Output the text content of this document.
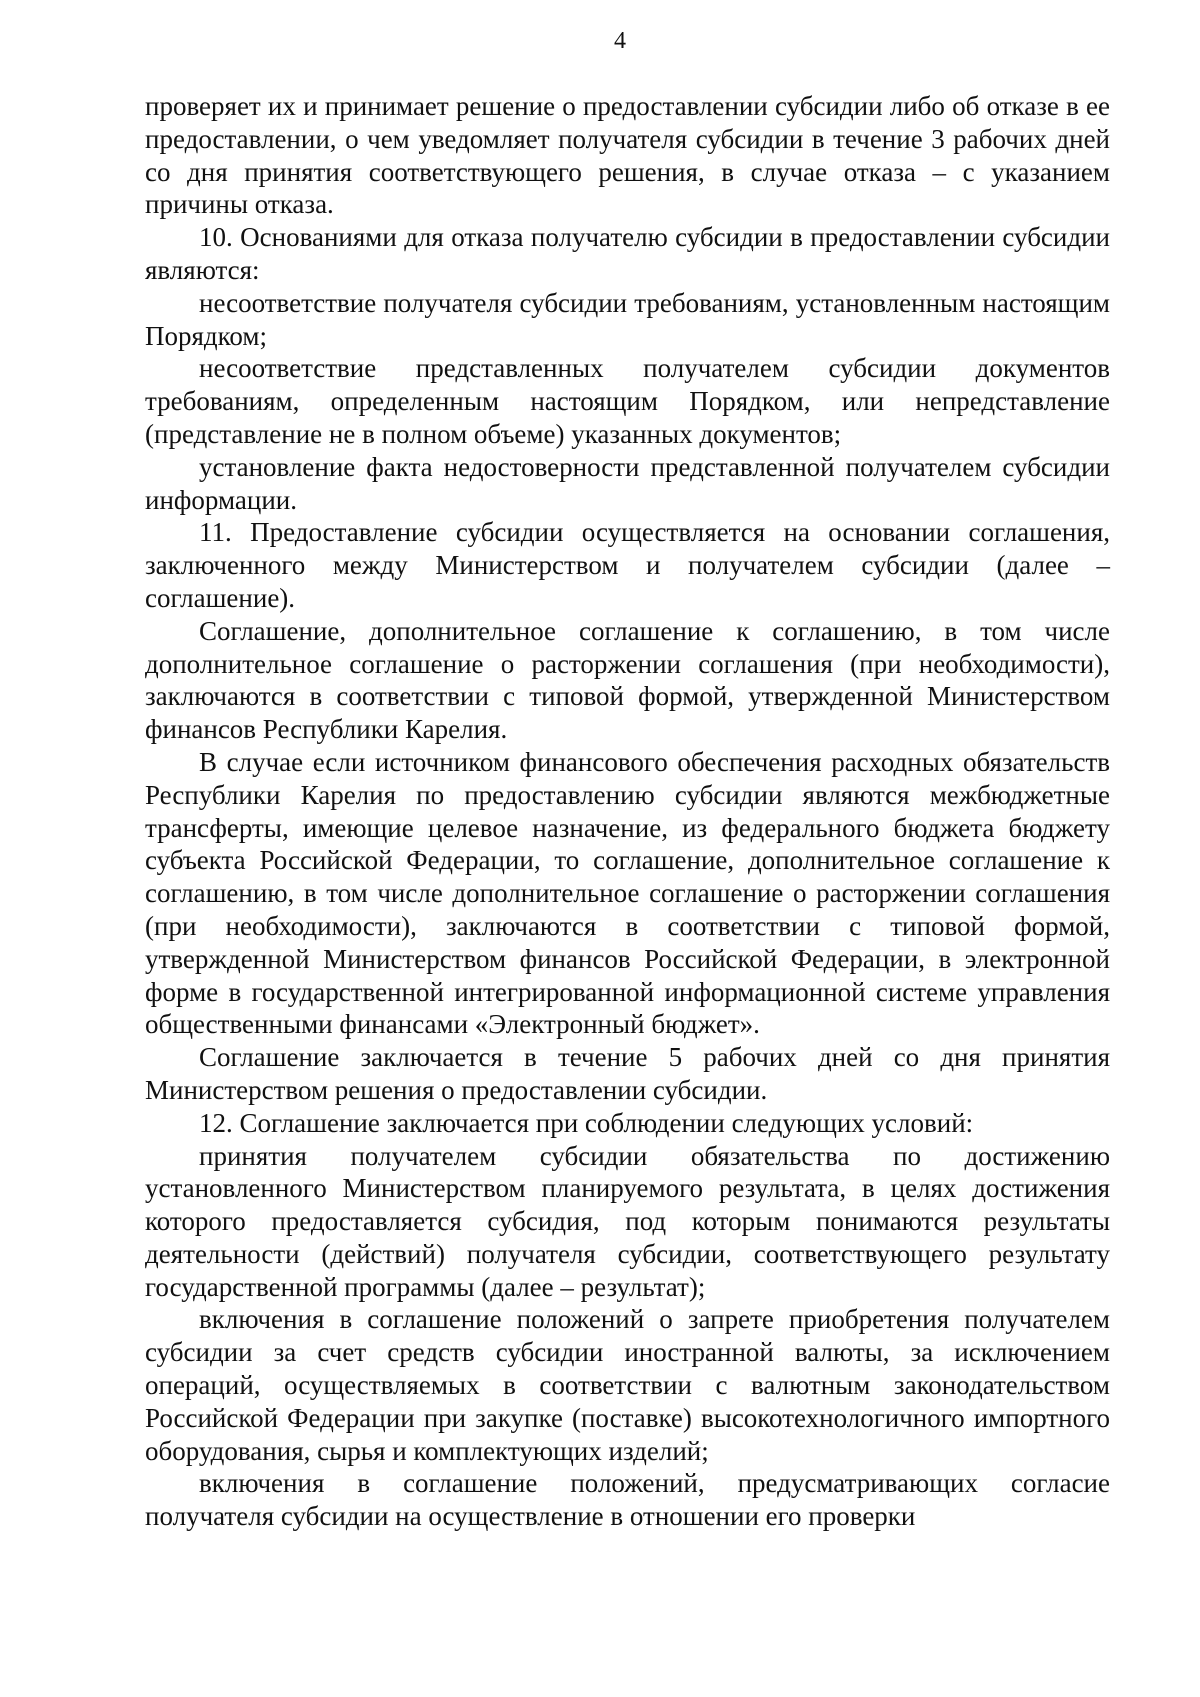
4

проверяет их и принимает решение о предоставлении субсидии либо об отказе в ее предоставлении, о чем уведомляет получателя субсидии в течение 3 рабочих дней со дня принятия соответствующего решения, в случае отказа – с указанием причины отказа.

10. Основаниями для отказа получателю субсидии в предоставлении субсидии являются:

несоответствие получателя субсидии требованиям, установленным настоящим Порядком;

несоответствие представленных получателем субсидии документов требованиям, определенным настоящим Порядком, или непредставление (представление не в полном объеме) указанных документов;

установление факта недостоверности представленной получателем субсидии информации.

11. Предоставление субсидии осуществляется на основании соглашения, заключенного между Министерством и получателем субсидии (далее – соглашение).

Соглашение, дополнительное соглашение к соглашению, в том числе дополнительное соглашение о расторжении соглашения (при необходимости), заключаются в соответствии с типовой формой, утвержденной Министерством финансов Республики Карелия.

В случае если источником финансового обеспечения расходных обязательств Республики Карелия по предоставлению субсидии являются межбюджетные трансферты, имеющие целевое назначение, из федерального бюджета бюджету субъекта Российской Федерации, то соглашение, дополнительное соглашение к соглашению, в том числе дополнительное соглашение о расторжении соглашения (при необходимости), заключаются в соответствии с типовой формой, утвержденной Министерством финансов Российской Федерации, в электронной форме в государственной интегрированной информационной системе управления общественными финансами «Электронный бюджет».

Соглашение заключается в течение 5 рабочих дней со дня принятия Министерством решения о предоставлении субсидии.

12. Соглашение заключается при соблюдении следующих условий:

принятия получателем субсидии обязательства по достижению установленного Министерством планируемого результата, в целях достижения которого предоставляется субсидия, под которым понимаются результаты деятельности (действий) получателя субсидии, соответствующего результату государственной программы (далее – результат);

включения в соглашение положений о запрете приобретения получателем субсидии за счет средств субсидии иностранной валюты, за исключением операций, осуществляемых в соответствии с валютным законодательством Российской Федерации при закупке (поставке) высокотехнологичного импортного оборудования, сырья и комплектующих изделий;

включения в соглашение положений, предусматривающих согласие получателя субсидии на осуществление в отношении его проверки
